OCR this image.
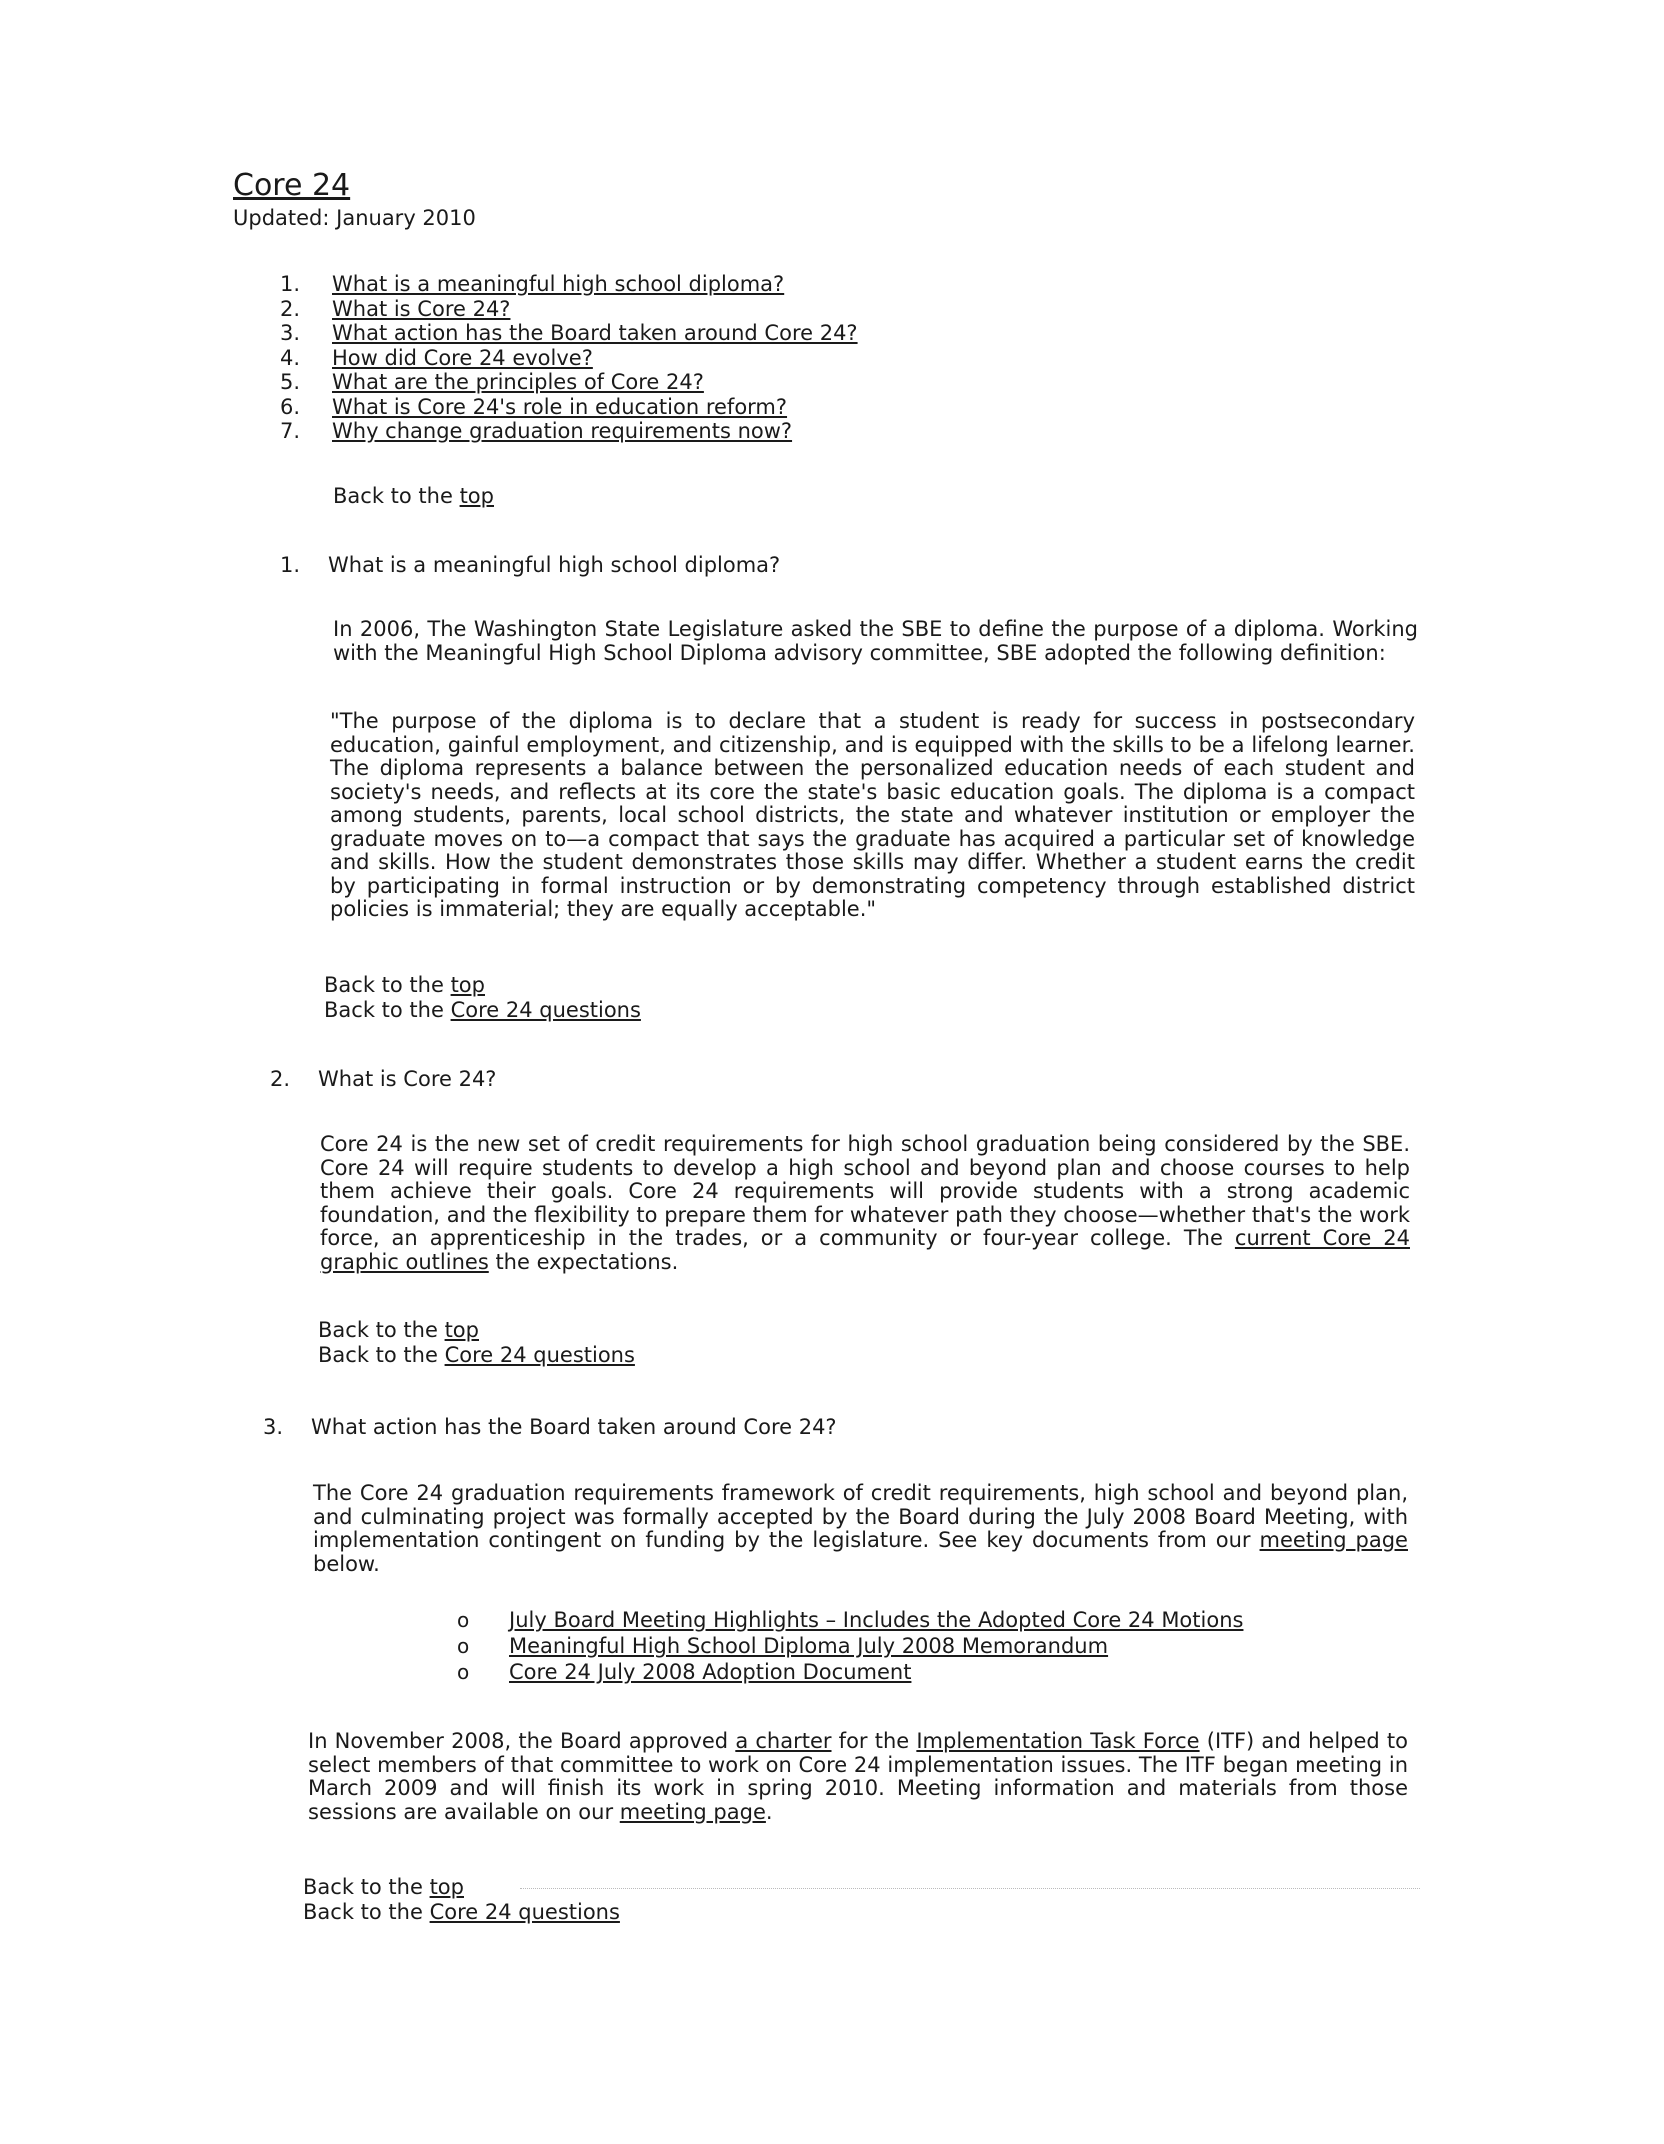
Core 24
Updated: January 2010
1.	What is a meaningful high school diploma?
2.	What is Core 24?
3.	What action has the Board taken around Core 24?
4.	How did Core 24 evolve?
5.	What are the principles of Core 24?
6.	What is Core 24's role in education reform?
7.	Why change graduation requirements now?
Back to the top
1. What is a meaningful high school diploma?
In 2006, The Washington State Legislature asked the SBE to define the purpose of a diploma. Working with the Meaningful High School Diploma advisory committee, SBE adopted the following definition:
"The purpose of the diploma is to declare that a student is ready for success in postsecondary education, gainful employment, and citizenship, and is equipped with the skills to be a lifelong learner. The diploma represents a balance between the personalized education needs of each student and society's needs, and reflects at its core the state's basic education goals. The diploma is a compact among students, parents, local school districts, the state and whatever institution or employer the graduate moves on to—a compact that says the graduate has acquired a particular set of knowledge and skills. How the student demonstrates those skills may differ. Whether a student earns the credit by participating in formal instruction or by demonstrating competency through established district policies is immaterial; they are equally acceptable."
Back to the top
Back to the Core 24 questions
2. What is Core 24?
Core 24 is the new set of credit requirements for high school graduation being considered by the SBE. Core 24 will require students to develop a high school and beyond plan and choose courses to help them achieve their goals. Core 24 requirements will provide students with a strong academic foundation, and the flexibility to prepare them for whatever path they choose—whether that's the work force, an apprenticeship in the trades, or a community or four-year college. The current Core 24 graphic outlines the expectations.
Back to the top
Back to the Core 24 questions
3. What action has the Board taken around Core 24?
The Core 24 graduation requirements framework of credit requirements, high school and beyond plan, and culminating project was formally accepted by the Board during the July 2008 Board Meeting, with implementation contingent on funding by the legislature. See key documents from our meeting page below.
o	July Board Meeting Highlights – Includes the Adopted Core 24 Motions
o	Meaningful High School Diploma July 2008 Memorandum
o	Core 24 July 2008 Adoption Document
In November 2008, the Board approved a charter for the Implementation Task Force (ITF) and helped to select members of that committee to work on Core 24 implementation issues. The ITF began meeting in March 2009 and will finish its work in spring 2010. Meeting information and materials from those sessions are available on our meeting page.
Back to the top
Back to the Core 24 questions
